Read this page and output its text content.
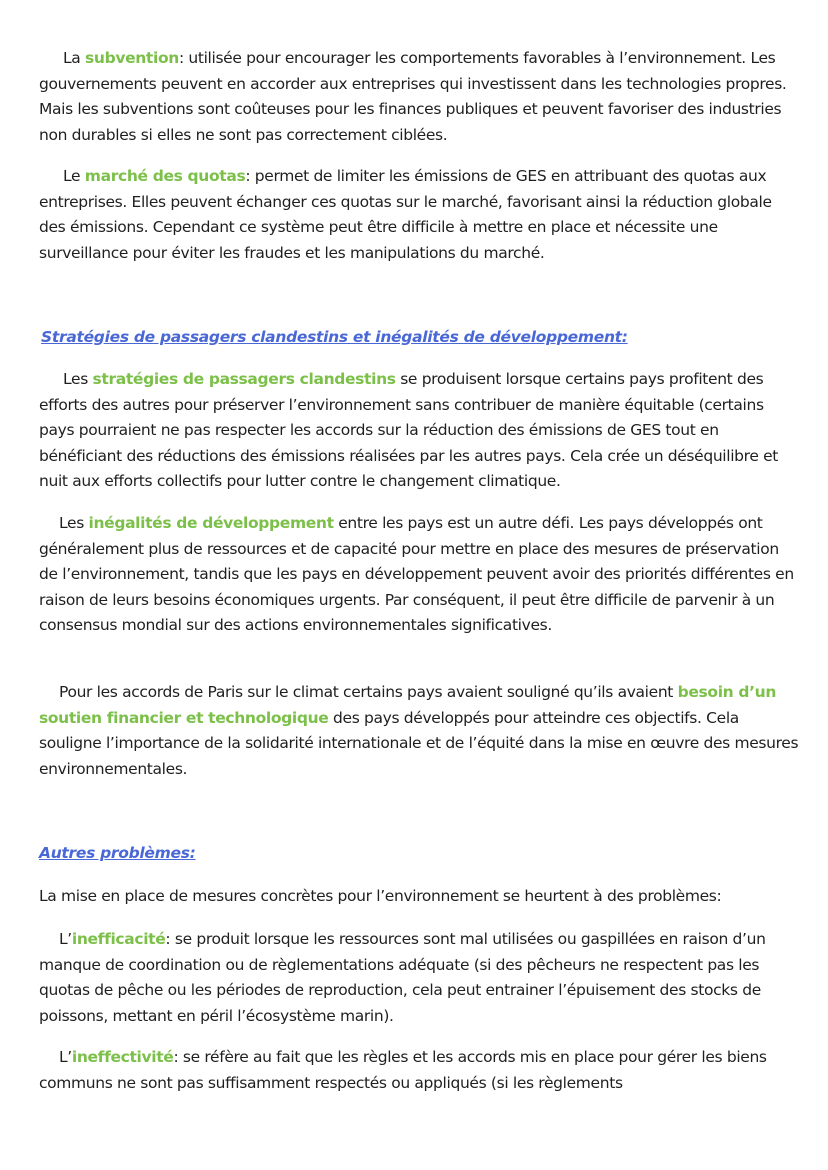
La subvention: utilisée pour encourager les comportements favorables à l’environnement. Les gouvernements peuvent en accorder aux entreprises qui investissent dans les technologies propres. Mais les subventions sont coûteuses pour les finances publiques et peuvent favoriser des industries non durables si elles ne sont pas correctement ciblées.

Le marché des quotas: permet de limiter les émissions de GES en attribuant des quotas aux entreprises. Elles peuvent échanger ces quotas sur le marché, favorisant ainsi la réduction globale des émissions. Cependant ce système peut être difficile à mettre en place et nécessite une surveillance pour éviter les fraudes et les manipulations du marché.

Stratégies de passagers clandestins et inégalités de développement:

Les stratégies de passagers clandestins se produisent lorsque certains pays profitent des efforts des autres pour préserver l’environnement sans contribuer de manière équitable (certains pays pourraient ne pas respecter les accords sur la réduction des émissions de GES tout en bénéficiant des réductions des émissions réalisées par les autres pays. Cela crée un déséquilibre et nuit aux efforts collectifs pour lutter contre le changement climatique.

Les inégalités de développement entre les pays est un autre défi. Les pays développés ont généralement plus de ressources et de capacité pour mettre en place des mesures de préservation de l’environnement, tandis que les pays en développement peuvent avoir des priorités différentes en raison de leurs besoins économiques urgents. Par conséquent, il peut être difficile de parvenir à un consensus mondial sur des actions environnementales significatives.

Pour les accords de Paris sur le climat certains pays avaient souligné qu’ils avaient besoin d’un soutien financier et technologique des pays développés pour atteindre ces objectifs. Cela souligne l’importance de la solidarité internationale et de l’équité dans la mise en œuvre des mesures environnementales.

Autres problèmes:

La mise en place de mesures concrètes pour l’environnement se heurtent à des problèmes:

L’inefficacité: se produit lorsque les ressources sont mal utilisées ou gaspillées en raison d’un manque de coordination ou de règlementations adéquate (si des pêcheurs ne respectent pas les quotas de pêche ou les périodes de reproduction, cela peut entrainer l’épuisement des stocks de poissons, mettant en péril l’écosystème marin).

L’ineffectivité: se réfère au fait que les règles et les accords mis en place pour gérer les biens communs ne sont pas suffisamment respectés ou appliqués (si les règlements
